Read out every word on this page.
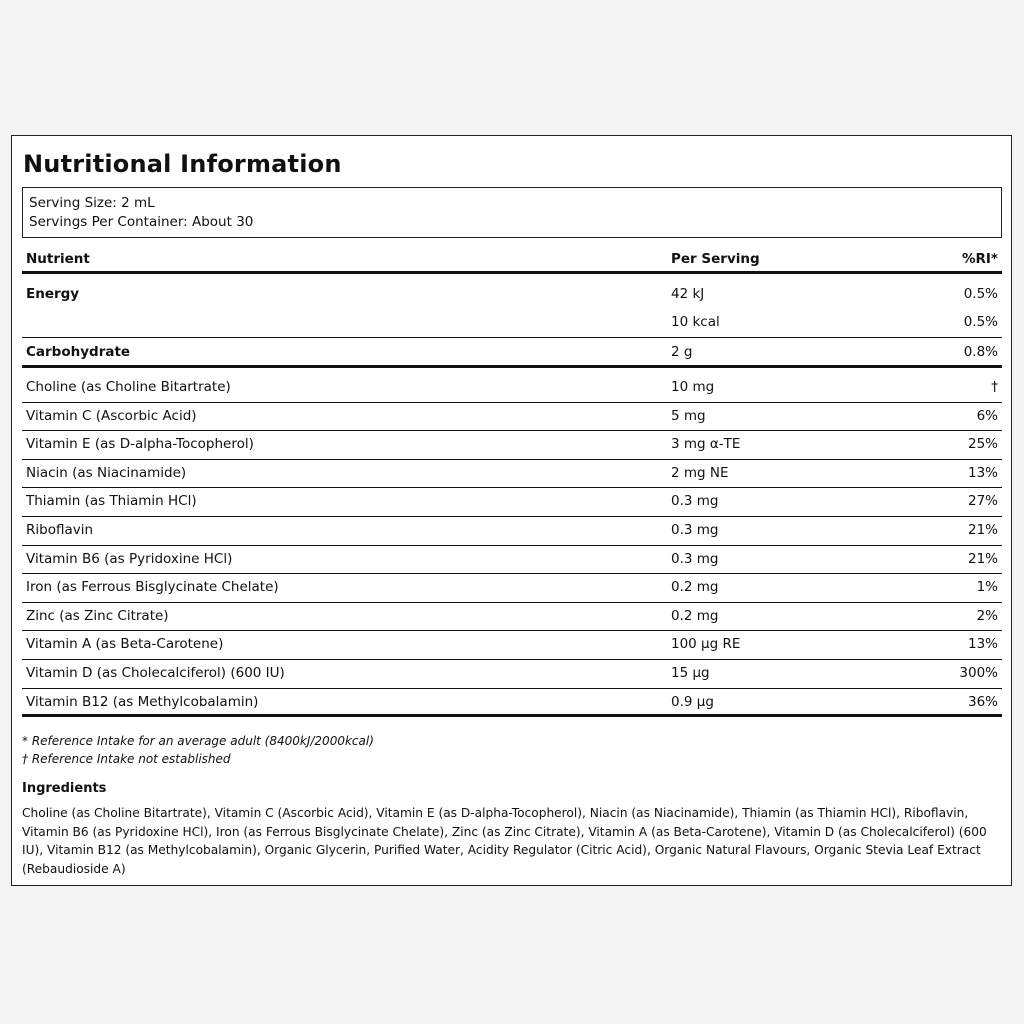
Nutritional Information
Serving Size: 2 mL
Servings Per Container: About 30
Nutrient	Per Serving	%RI*
Energy	42 kJ	0.5%
10 kcal	0.5%
Carbohydrate	2 g	0.8%
Choline (as Choline Bitartrate)	10 mg	†
Vitamin C (Ascorbic Acid)	5 mg	6%
Vitamin E (as D-alpha-Tocopherol)	3 mg α-TE	25%
Niacin (as Niacinamide)	2 mg NE	13%
Thiamin (as Thiamin HCl)	0.3 mg	27%
Riboflavin	0.3 mg	21%
Vitamin B6 (as Pyridoxine HCl)	0.3 mg	21%
Iron (as Ferrous Bisglycinate Chelate)	0.2 mg	1%
Zinc (as Zinc Citrate)	0.2 mg	2%
Vitamin A (as Beta-Carotene)	100 µg RE	13%
Vitamin D (as Cholecalciferol) (600 IU)	15 µg	300%
Vitamin B12 (as Methylcobalamin)	0.9 µg	36%
* Reference Intake for an average adult (8400kJ/2000kcal)
† Reference Intake not established
Ingredients
Choline (as Choline Bitartrate), Vitamin C (Ascorbic Acid), Vitamin E (as D-alpha-Tocopherol), Niacin (as Niacinamide), Thiamin (as Thiamin HCl), Riboflavin, Vitamin B6 (as Pyridoxine HCl), Iron (as Ferrous Bisglycinate Chelate), Zinc (as Zinc Citrate), Vitamin A (as Beta-Carotene), Vitamin D (as Cholecalciferol) (600 IU), Vitamin B12 (as Methylcobalamin), Organic Glycerin, Purified Water, Acidity Regulator (Citric Acid), Organic Natural Flavours, Organic Stevia Leaf Extract (Rebaudioside A)
